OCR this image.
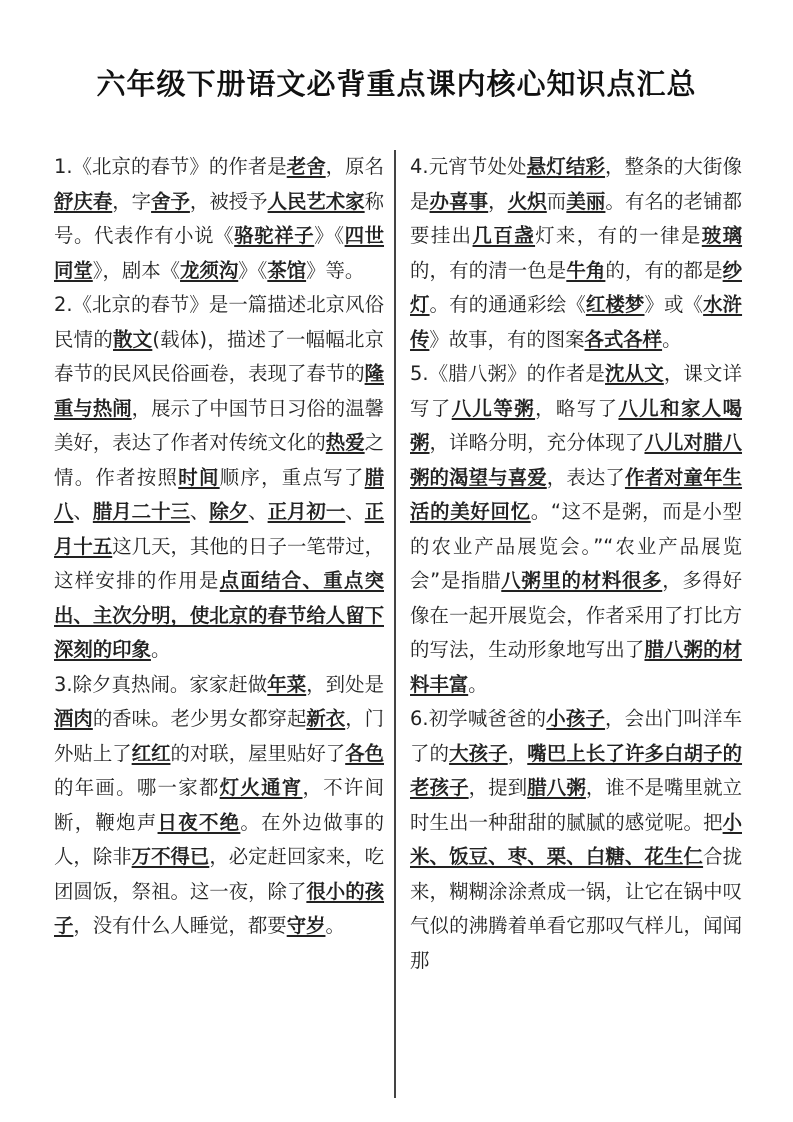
六年级下册语文必背重点课内核心知识点汇总

1.《北京的春节》的作者是老舍，原名舒庆春，字舍予，被授予人民艺术家称号。代表作有小说《骆驼祥子》《四世同堂》，剧本《龙须沟》《茶馆》等。

2.《北京的春节》是一篇描述北京风俗民情的散文(载体)，描述了一幅幅北京春节的民风民俗画卷，表现了春节的隆重与热闹，展示了中国节日习俗的温馨美好，表达了作者对传统文化的热爱之情。作者按照时间顺序，重点写了腊八、腊月二十三、除夕、正月初一、正月十五这几天，其他的日子一笔带过，这样安排的作用是点面结合、重点突出、主次分明，使北京的春节给人留下深刻的印象。

3.除夕真热闹。家家赶做年菜，到处是酒肉的香味。老少男女都穿起新衣，门外贴上了红红的对联，屋里贴好了各色的年画。哪一家都灯火通宵，不许间断，鞭炮声日夜不绝。在外边做事的人，除非万不得已，必定赶回家来，吃团圆饭，祭祖。这一夜，除了很小的孩子，没有什么人睡觉，都要守岁。

4.元宵节处处悬灯结彩，整条的大街像是办喜事，火炽而美丽。有名的老铺都要挂出几百盏灯来，有的一律是玻璃的，有的清一色是牛角的，有的都是纱灯。有的通通彩绘《红楼梦》或《水浒传》故事，有的图案各式各样。

5.《腊八粥》的作者是沈从文，课文详写了八儿等粥，略写了八儿和家人喝粥，详略分明，充分体现了八儿对腊八粥的渴望与喜爱，表达了作者对童年生活的美好回忆。“这不是粥，而是小型的农业产品展览会。”“农业产品展览会”是指腊八粥里的材料很多，多得好像在一起开展览会，作者采用了打比方的写法，生动形象地写出了腊八粥的材料丰富。

6.初学喊爸爸的小孩子，会出门叫洋车了的大孩子，嘴巴上长了许多白胡子的老孩子，提到腊八粥，谁不是嘴里就立时生出一种甜甜的腻腻的感觉呢。把小米、饭豆、枣、栗、白糖、花生仁合拢来，糊糊涂涂煮成一锅，让它在锅中叹气似的沸腾着单看它那叹气样儿，闻闻那
